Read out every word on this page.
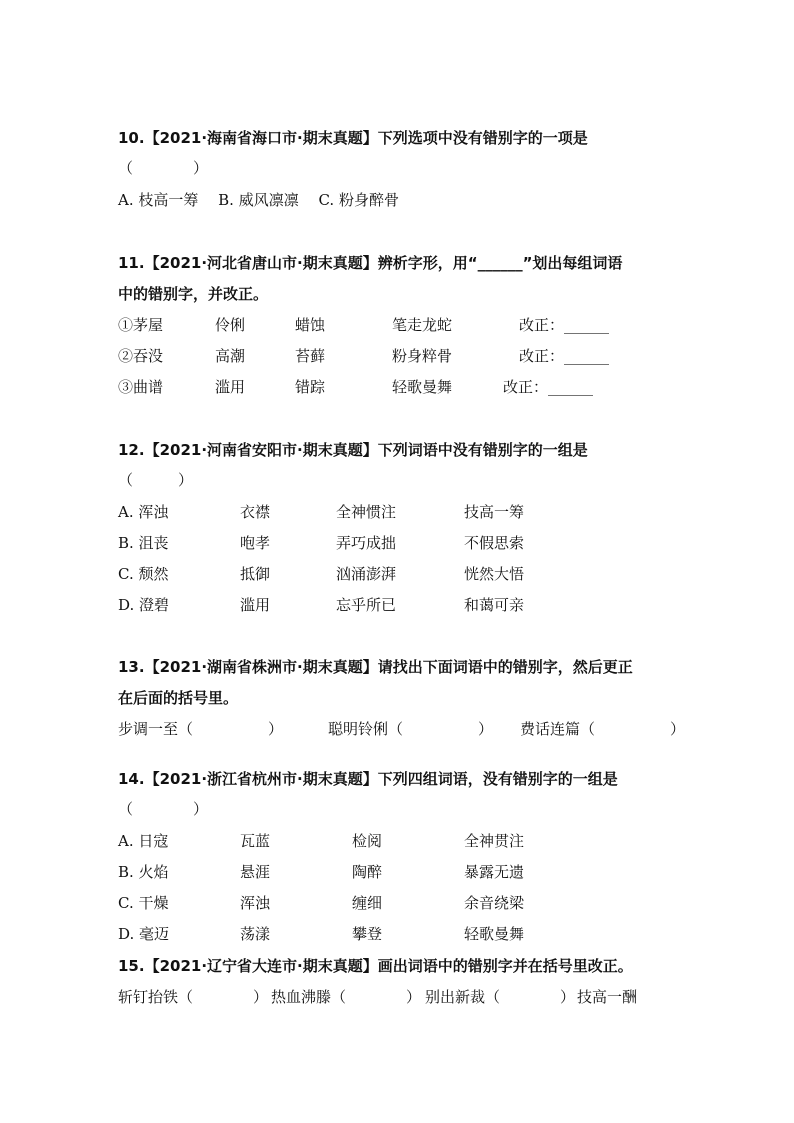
10.【2021·海南省海口市·期末真题】下列选项中没有错别字的一项是
（　　　　）
A. 枝高一筹　 B. 威风凛凛　 C. 粉身醉骨
11.【2021·河北省唐山市·期末真题】辨析字形，用“______”划出每组词语
中的错别字，并改正。
①茅屋	伶俐	蜡蚀	笔走龙蛇	改正：______
②吞没	高潮	苔藓	粉身粹骨	改正：______
③曲谱	滥用	错踪	轻歌曼舞	改正：______
12.【2021·河南省安阳市·期末真题】下列词语中没有错别字的一组是
（　　　）
A. 浑浊	衣襟	全神惯注	技高一筹
B. 沮丧	咆孝	弄巧成拙	不假思索
C. 颓然	抵御	汹涌澎湃	恍然大悟
D. 澄碧	滥用	忘乎所已	和蔼可亲
13.【2021·湖南省株洲市·期末真题】请找出下面词语中的错别字，然后更正
在后面的括号里。
步调一至（　　　　　）	聪明铃俐（　　　　　） 费话连篇（　　　　　）
14.【2021·浙江省杭州市·期末真题】下列四组词语，没有错别字的一组是
（　　　　）
A. 日寇	瓦蓝	检阅	全神贯注
B. 火焰	悬涯	陶醉	暴露无遗
C. 干燥	浑浊	缠细	余音绕梁
D. 毫迈	荡漾	攀登	轻歌曼舞
15.【2021·辽宁省大连市·期末真题】画出词语中的错别字并在括号里改正。
斩钉抬铁（　　　　） 热血沸滕（　　　　） 别出新裁（　　　　） 技高一酬
